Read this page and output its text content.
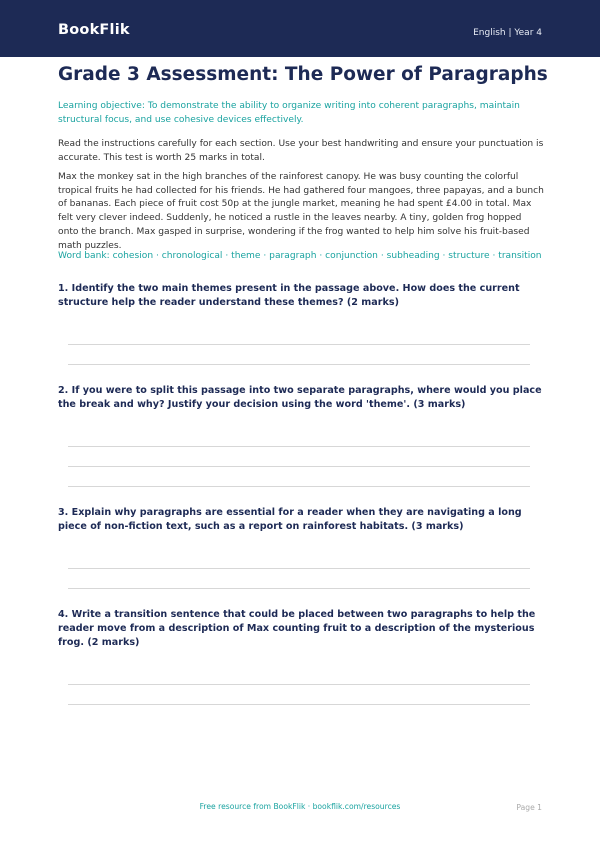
BookFlik	English | Year 4
Grade 3 Assessment: The Power of Paragraphs
Learning objective: To demonstrate the ability to organize writing into coherent paragraphs, maintain structural focus, and use cohesive devices effectively.
Read the instructions carefully for each section. Use your best handwriting and ensure your punctuation is accurate. This test is worth 25 marks in total.
Max the monkey sat in the high branches of the rainforest canopy. He was busy counting the colorful tropical fruits he had collected for his friends. He had gathered four mangoes, three papayas, and a bunch of bananas. Each piece of fruit cost 50p at the jungle market, meaning he had spent £4.00 in total. Max felt very clever indeed. Suddenly, he noticed a rustle in the leaves nearby. A tiny, golden frog hopped onto the branch. Max gasped in surprise, wondering if the frog wanted to help him solve his fruit-based math puzzles.
Word bank: cohesion · chronological · theme · paragraph · conjunction · subheading · structure · transition
1. Identify the two main themes present in the passage above. How does the current structure help the reader understand these themes? (2 marks)
2. If you were to split this passage into two separate paragraphs, where would you place the break and why? Justify your decision using the word 'theme'. (3 marks)
3. Explain why paragraphs are essential for a reader when they are navigating a long piece of non-fiction text, such as a report on rainforest habitats. (3 marks)
4. Write a transition sentence that could be placed between two paragraphs to help the reader move from a description of Max counting fruit to a description of the mysterious frog. (2 marks)
Free resource from BookFlik · bookflik.com/resources	Page 1
